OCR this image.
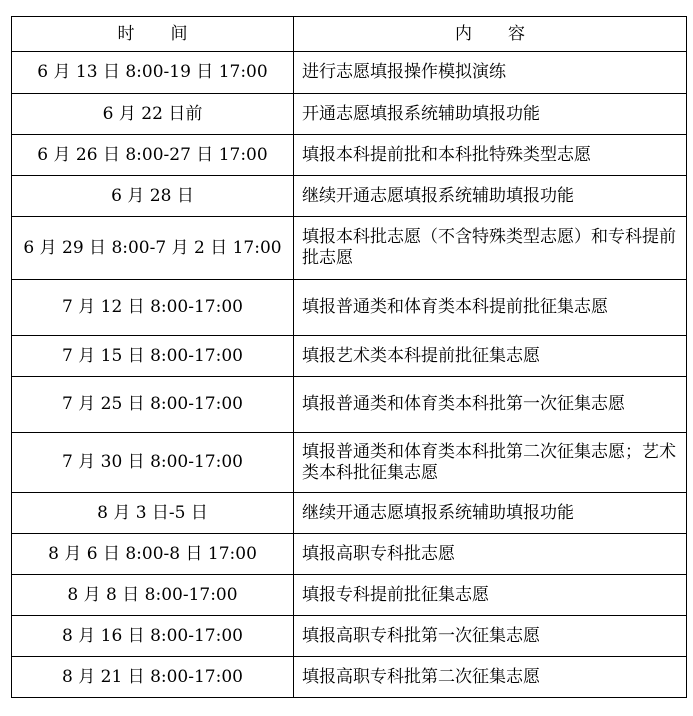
时 间	内 容
6 月 13 日 8:00-19 日 17:00	进行志愿填报操作模拟演练
6 月 22 日前	开通志愿填报系统辅助填报功能
6 月 26 日 8:00-27 日 17:00	填报本科提前批和本科批特殊类型志愿
6 月 28 日	继续开通志愿填报系统辅助填报功能
6 月 29 日 8:00-7 月 2 日 17:00	填报本科批志愿（不含特殊类型志愿）和专科提前批志愿
7 月 12 日 8:00-17:00	填报普通类和体育类本科提前批征集志愿
7 月 15 日 8:00-17:00	填报艺术类本科提前批征集志愿
7 月 25 日 8:00-17:00	填报普通类和体育类本科批第一次征集志愿
7 月 30 日 8:00-17:00	填报普通类和体育类本科批第二次征集志愿；艺术类本科批征集志愿
8 月 3 日-5 日	继续开通志愿填报系统辅助填报功能
8 月 6 日 8:00-8 日 17:00	填报高职专科批志愿
8 月 8 日 8:00-17:00	填报专科提前批征集志愿
8 月 16 日 8:00-17:00	填报高职专科批第一次征集志愿
8 月 21 日 8:00-17:00	填报高职专科批第二次征集志愿
